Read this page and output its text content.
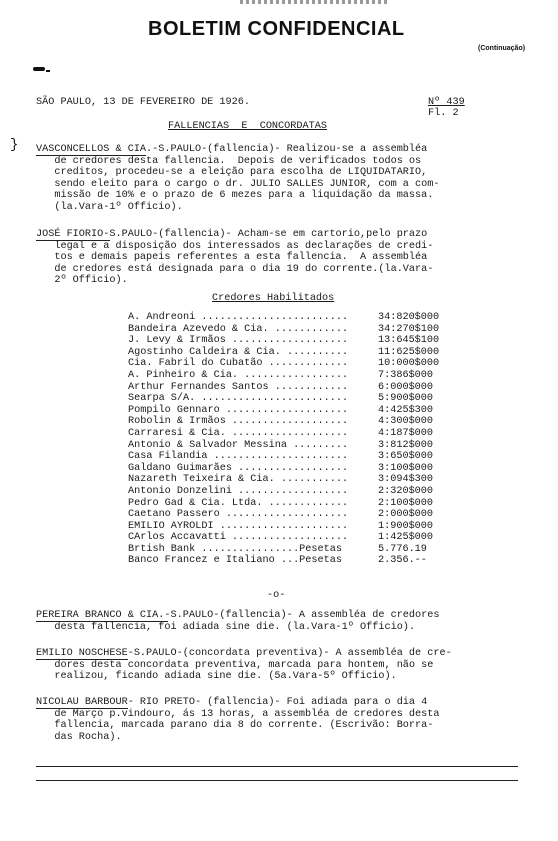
BOLETIM CONFIDENCIAL
(Continuação)
SÃO PAULO, 13 DE FEVEREIRO DE 1926.	Nº 439
Fl. 2
FALLENCIAS  E  CONCORDATAS
VASCONCELLOS & CIA.-S.PAULO-(fallencia)- Realizou-se a assembléa
de credores desta fallencia.  Depois de verificados todos os
creditos, procedeu-se a eleição para escolha de LIQUIDATARIO,
sendo eleito para o cargo o dr. JULIO SALLES JUNIOR, com a com-
missão de 10% e o prazo de 6 mezes para a liquidação da massa.
(la.Vara-1º Officio).
}
JOSÉ FIORIO-S.PAULO-(fallencia)- Acham-se em cartorio,pelo prazo
legal e a disposição dos interessados as declarações de credi-
tos e demais papeis referentes a esta fallencia.  A assembléa
de credores está designada para o dia 19 do corrente.(la.Vara-
2º Officio).
Credores Habilitados
A. Andreoni ........................	34:820$000
Bandeira Azevedo & Cia. ............	34:270$100
J. Levy & Irmãos ...................	13:645$100
Agostinho Caldeira & Cia. ..........	11:625$000
Cia. Fabril do Cubatão .............	10:000$000
A. Pinheiro & Cia. .................	7:386$000
Arthur Fernandes Santos ............	6:000$000
Searpa S/A. ........................	5:900$000
Pompilo Gennaro ....................	4:425$300
Robolin & Irmãos ...................	4:300$000
Carraresi & Cia. ...................	4:187$000
Antonio & Salvador Messina .........	3:812$000
Casa Filandia ......................	3:650$000
Galdano Guimarães ..................	3:100$000
Nazareth Teixeira & Cia. ...........	3:094$300
Antonio Donzelini ..................	2:320$000
Pedro Gad & Cia. Ltda. .............	2:100$000
Caetano Passero ....................	2:000$000
EMILIO AYROLDI .....................	1:900$000
CArlos Accavatti ...................	1:425$000
Brtish Bank ................Pesetas	5.776.19
Banco Francez e Italiano ...Pesetas	2.356.--
-o-
PEREIRA BRANCO & CIA.-S.PAULO-(fallencia)- A assembléa de credores
desta fallencia, foi adiada sine die. (la.Vara-1º Officio).
EMILIO NOSCHESE-S.PAULO-(concordata preventiva)- A assembléa de cre-
dores desta concordata preventiva, marcada para hontem, não se
realizou, ficando adiada sine die. (5a.Vara-5º Officio).
NICOLAU BARBOUR- RIO PRETO- (fallencia)- Foi adiada para o dia 4
de Março p.vindouro, ás 13 horas, a assembléa de credores desta
fallencia, marcada parano dia 8 do corrente. (Escrivão: Borra-
das Rocha).
